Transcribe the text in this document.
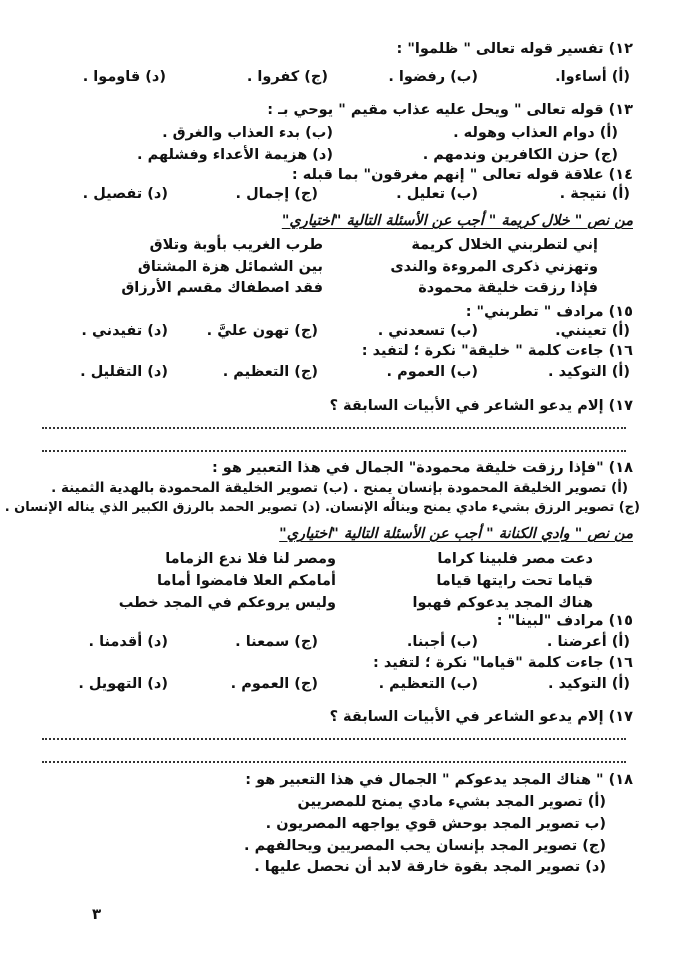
١٢) تفسير قوله تعالى " ظلموا" :
(أ) أساءوا.
(ب) رفضوا .
(ج) كفروا .
(د) قاوموا .
١٣) قوله تعالى " ويحل عليه عذاب مقيم " يوحي بـ :
(أ) دوام العذاب وهوله .
(ب) بدء العذاب والغرق .
(ج) حزن الكافرين وندمهم .
(د) هزيمة الأعداء وفشلهم .
١٤) علاقة قوله تعالى " إنهم مغرقون" بما قبله :
(أ) نتيجة .
(ب) تعليل .
(ج) إجمال .
(د) تفصيل .
من نص " خلال كريمة " أجب عن الأسئلة التالية "اختياري"
إني لتطربني الخلال كريمة
طرب الغريب بأوبة وتلاق
وتهزني ذكرى المروءة والندى
بين الشمائل هزة المشتاق
فإذا رزقت خليقة محمودة
فقد اصطفاك مقسم الأرزاق
١٥) مرادف " تطربني" :
(أ) تعينني.
(ب) تسعدني .
(ج) تهون عليَّ .
(د) تفيدني .
١٦) جاءت كلمة " خليقة" نكرة ؛ لتفيد :
(أ) التوكيد .
(ب) العموم .
(ج) التعظيم .
(د) التقليل .
١٧) إلام يدعو الشاعر في الأبيات السابقة ؟
١٨) "فإذا رزقت خليقة محمودة" الجمال في هذا التعبير هو :
(أ) تصوير الخليقة المحمودة بإنسان يمنح . (ب) تصوير الخليقة المحمودة بالهدية الثمينة .
(ج) تصوير الرزق بشيء مادي يمنح وينالُه الإنسان. (د) تصوير الحمد بالرزق الكبير الذي يناله الإنسان .
من نص " وادي الكنانة " أجب عن الأسئلة التالية "اختياري"
دعت مصر فلبينا كراما
ومصر لنا فلا ندع الزماما
قياما تحت رايتها قياما
أمامكم العلا فامضوا أماما
هناك المجد يدعوكم فهبوا
وليس يروعكم في المجد خطب
١٥) مرادف "لبينا" :
(أ) أعرضنا .
(ب) أجبنا.
(ج) سمعنا .
(د) أقدمنا .
١٦) جاءت كلمة "قياما" نكرة ؛ لتفيد :
(أ) التوكيد .
(ب) التعظيم .
(ج) العموم .
(د) التهويل .
١٧) إلام يدعو الشاعر في الأبيات السابقة ؟
١٨) " هناك المجد يدعوكم " الجمال في هذا التعبير هو :
(أ) تصوير المجد بشيء مادي يمنح للمصريين
(ب تصوير المجد بوحش قوي يواجهه المصريون .
(ج) تصوير المجد بإنسان يحب المصريين ويحالفهم .
(د) تصوير المجد بقوة خارقة لابد أن نحصل عليها .
٣
